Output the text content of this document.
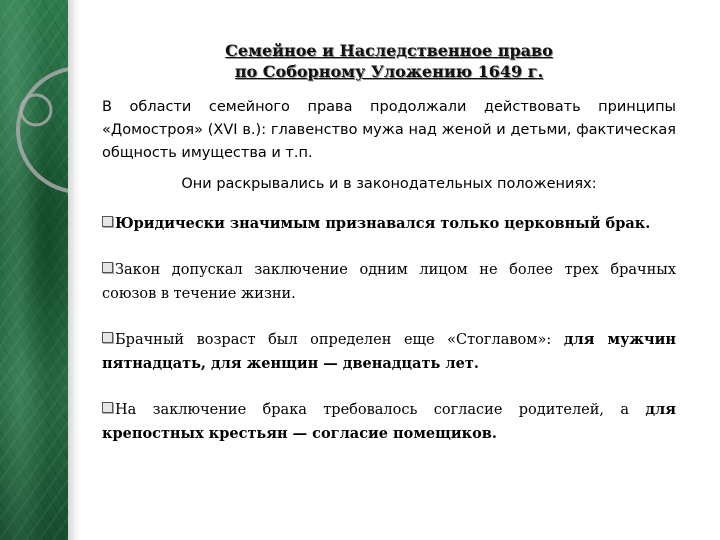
Семейное и Наследственное право
по Соборному Уложению 1649 г.

В области семейного права продолжали действовать принципы «Домостроя» (XVI в.): главенство мужа над женой и детьми, фактическая общность имущества и т.п.

Они раскрывались и в законодательных положениях:

Юридически значимым признавался только церковный брак.
Закон допускал заключение одним лицом не более трех брачных союзов в течение жизни.
Брачный возраст был определен еще «Стоглавом»: для мужчин пятнадцать, для женщин — двенадцать лет.
На заключение брака требовалось согласие родителей, а для крепостных крестьян — согласие помещиков.
